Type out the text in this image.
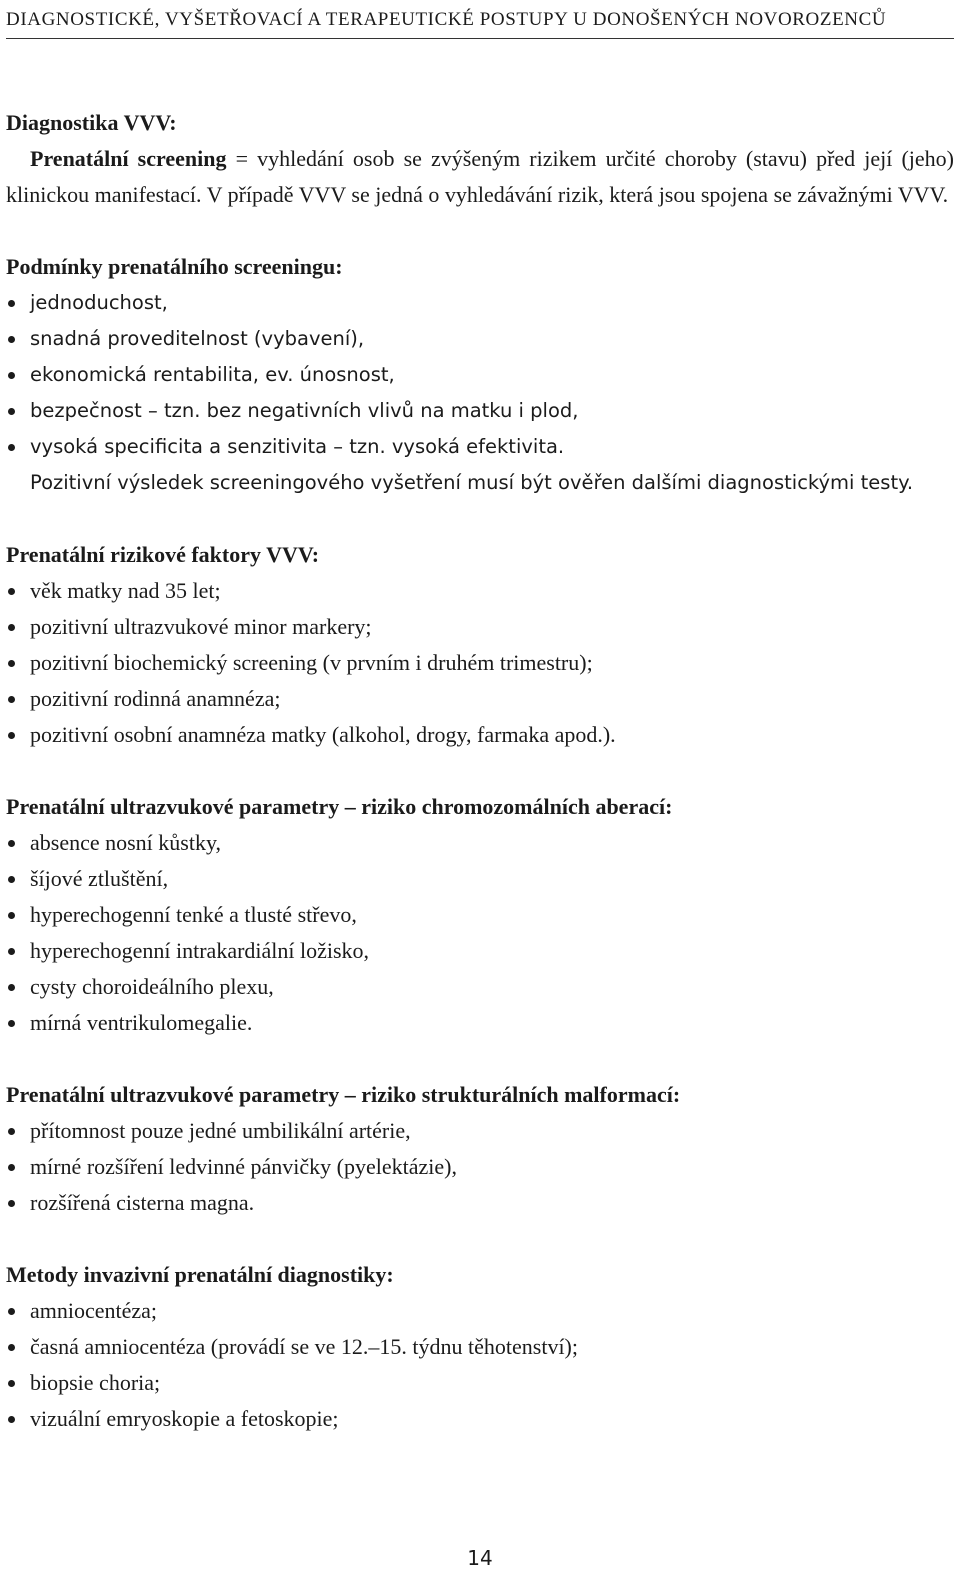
DIAGNOSTICKÉ, VYŠETŘOVACÍ A TERAPEUTICKÉ POSTUPY U DONOŠENÝCH NOVOROZENCŮ

Diagnostika VVV:

Prenatální screening = vyhledání osob se zvýšeným rizikem určité choroby (stavu) před její (jeho) klinickou manifestací. V případě VVV se jedná o vyhledávání rizik, která jsou spojena se závažnými VVV.

Podmínky prenatálního screeningu:

jednoduchost,
snadná proveditelnost (vybavení),
ekonomická rentabilita, ev. únosnost,
bezpečnost – tzn. bez negativních vlivů na matku i plod,
vysoká specificita a senzitivita – tzn. vysoká efektivita.

Pozitivní výsledek screeningového vyšetření musí být ověřen dalšími diagnostickými testy.

Prenatální rizikové faktory VVV:

věk matky nad 35 let;
pozitivní ultrazvukové minor markery;
pozitivní biochemický screening (v prvním i druhém trimestru);
pozitivní rodinná anamnéza;
pozitivní osobní anamnéza matky (alkohol, drogy, farmaka apod.).

Prenatální ultrazvukové parametry – riziko chromozomálních aberací:

absence nosní kůstky,
šíjové ztluštění,
hyperechogenní tenké a tlusté střevo,
hyperechogenní intrakardiální ložisko,
cysty choroideálního plexu,
mírná ventrikulomegalie.

Prenatální ultrazvukové parametry – riziko strukturálních malformací:

přítomnost pouze jedné umbilikální artérie,
mírné rozšíření ledvinné pánvičky (pyelektázie),
rozšířená cisterna magna.

Metody invazivní prenatální diagnostiky:

amniocentéza;
časná amniocentéza (provádí se ve 12.–15. týdnu těhotenství);
biopsie choria;
vizuální emryoskopie a fetoskopie;
14
